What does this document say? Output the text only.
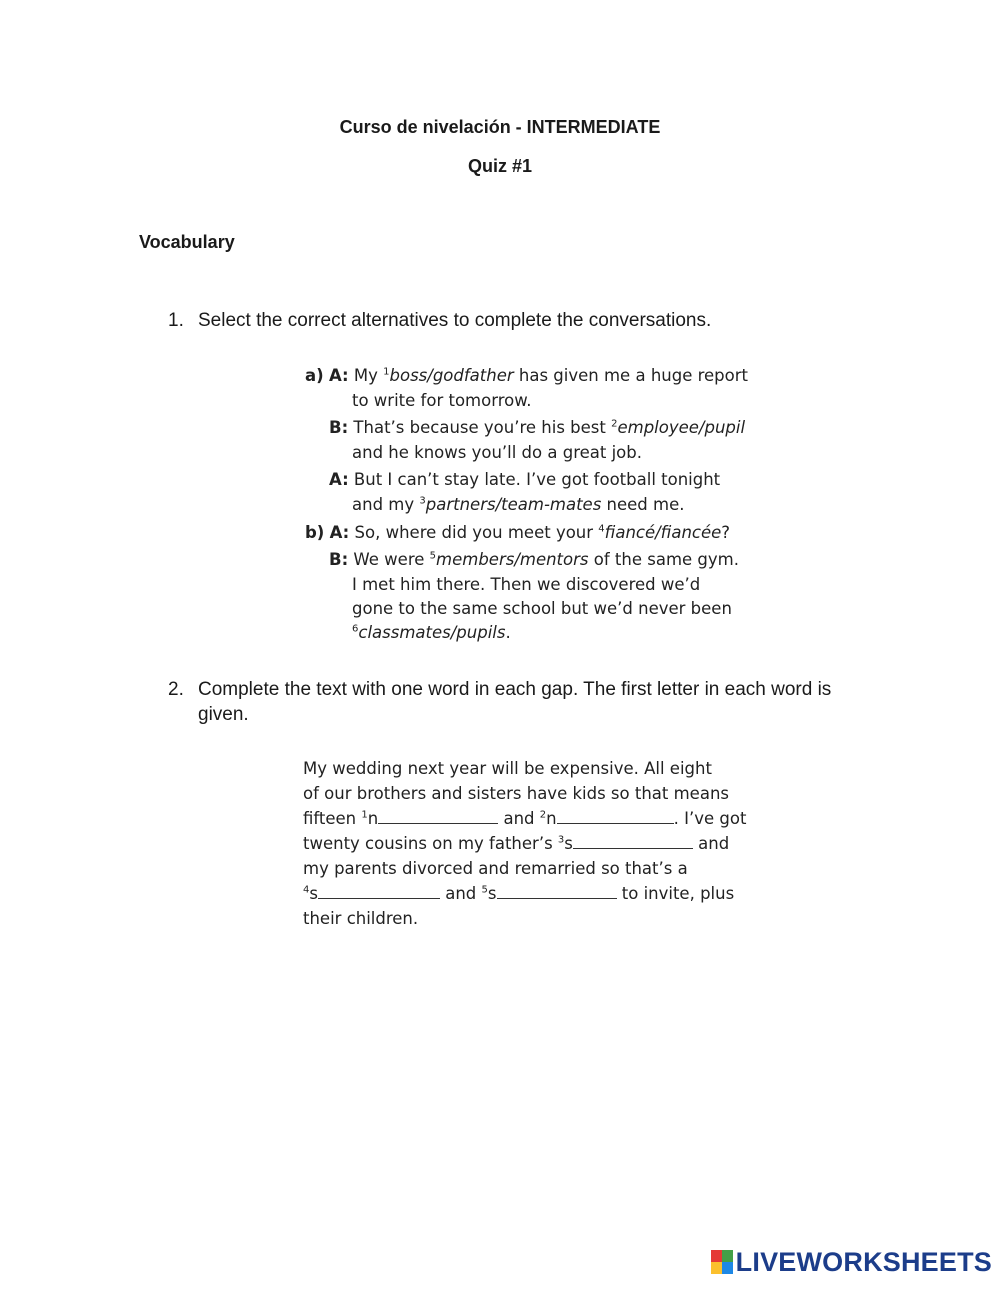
Curso de nivelación - INTERMEDIATE
Quiz #1
Vocabulary
1. Select the correct alternatives to complete the conversations.
a) A: My $^1$boss/godfather has given me a huge report
to write for tomorrow.
B: That’s because you’re his best $^2$employee/pupil
and he knows you’ll do a great job.
A: But I can’t stay late. I’ve got football tonight
and my $^3$partners/team-mates need me.
b) A: So, where did you meet your $^4$fiancé/fiancée?
B: We were $^5$members/mentors of the same gym.
I met him there. Then we discovered we’d
gone to the same school but we’d never been
$^6$classmates/pupils.
2. Complete the text with one word in each gap. The first letter in each word is given.
My wedding next year will be expensive. All eight
of our brothers and sisters have kids so that means
fifteen $^1$n	and $^2$n	. I’ve got
twenty cousins on my father’s $^3$s	and
my parents divorced and remarried so that’s a
$^4$s	and $^5$s	to invite, plus
their children.
LIVEWORKSHEETS
